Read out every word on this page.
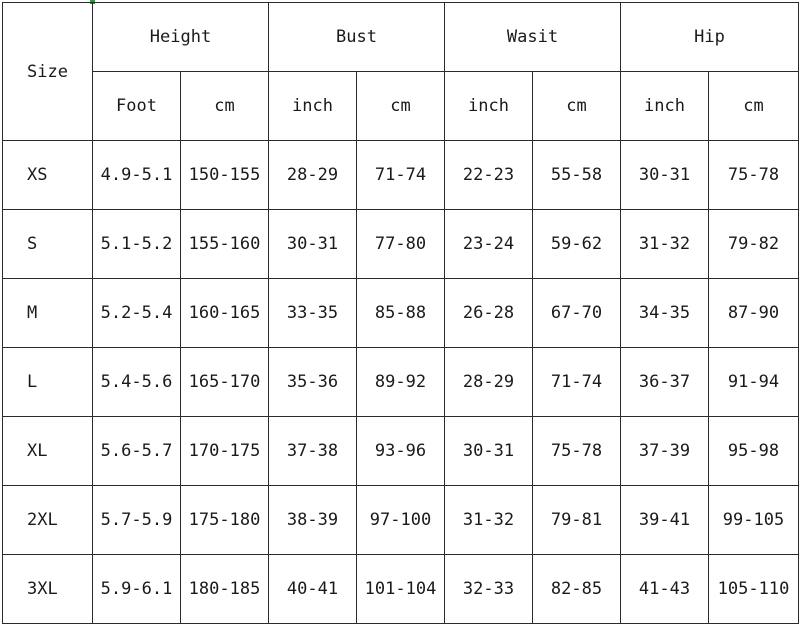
Size	Height		Bust		Wasit		Hip	
	Foot	cm	inch	cm	inch	cm	inch	cm
XS	4.9-5.1	150-155	28-29	71-74	22-23	55-58	30-31	75-78
S	5.1-5.2	155-160	30-31	77-80	23-24	59-62	31-32	79-82
M	5.2-5.4	160-165	33-35	85-88	26-28	67-70	34-35	87-90
L	5.4-5.6	165-170	35-36	89-92	28-29	71-74	36-37	91-94
XL	5.6-5.7	170-175	37-38	93-96	30-31	75-78	37-39	95-98
2XL	5.7-5.9	175-180	38-39	97-100	31-32	79-81	39-41	99-105
3XL	5.9-6.1	180-185	40-41	101-104	32-33	82-85	41-43	105-110
